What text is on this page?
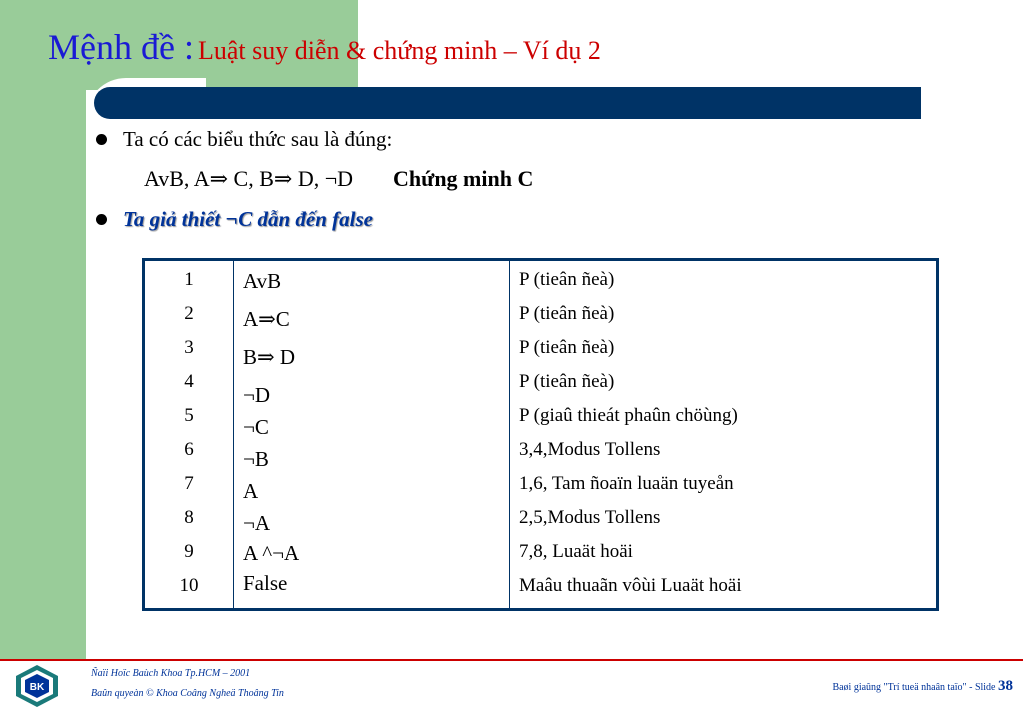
Mệnh đề : Luật suy diễn & chứng minh – Ví dụ 2
Ta có các biểu thức sau là đúng:
AvB, A⇒ C, B⇒ D, ¬D Chứng minh C
Ta giả thiết ¬C dẫn đến false
1
2
3
4
5
6
7
8
9
10
AvB
A⇒C
B⇒ D
¬D
¬C
¬B
A
¬A
A ^¬A
False
P (tieân ñeà)
P (tieân ñeà)
P (tieân ñeà)
P (tieân ñeà)
P (giaû thieát phaûn chöùng)
3,4,Modus Tollens
1,6, Tam ñoaïn luaän tuyeån
2,5,Modus Tollens
7,8, Luaät hoäi
Maâu thuaãn vôùi Luaät hoäi
BK
Ñaïi Hoïc Baùch Khoa Tp.HCM – 2001
Baûn quyeàn © Khoa Coâng Ngheä Thoâng Tin
Baøi giaûng "Trí tueä nhaân taïo" - Slide 38
